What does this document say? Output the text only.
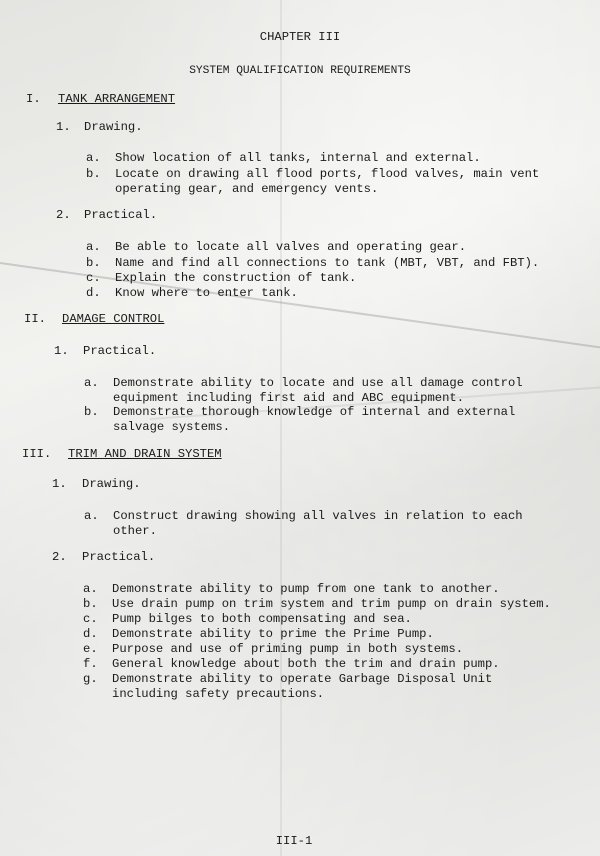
CHAPTER III
SYSTEM QUALIFICATION REQUIREMENTS
I. TANK ARRANGEMENT
1. Drawing.
a. Show location of all tanks, internal and external.
b. Locate on drawing all flood ports, flood valves, main vent
operating gear, and emergency vents.
2. Practical.
a. Be able to locate all valves and operating gear.
b. Name and find all connections to tank (MBT, VBT, and FBT).
c. Explain the construction of tank.
d. Know where to enter tank.
II. DAMAGE CONTROL
1. Practical.
a. Demonstrate ability to locate and use all damage control
equipment including first aid and ABC equipment.
b. Demonstrate thorough knowledge of internal and external
salvage systems.
III. TRIM AND DRAIN SYSTEM
1. Drawing.
a. Construct drawing showing all valves in relation to each
other.
2. Practical.
a. Demonstrate ability to pump from one tank to another.
b. Use drain pump on trim system and trim pump on drain system.
c. Pump bilges to both compensating and sea.
d. Demonstrate ability to prime the Prime Pump.
e. Purpose and use of priming pump in both systems.
f. General knowledge about both the trim and drain pump.
g. Demonstrate ability to operate Garbage Disposal Unit
including safety precautions.
III-1
